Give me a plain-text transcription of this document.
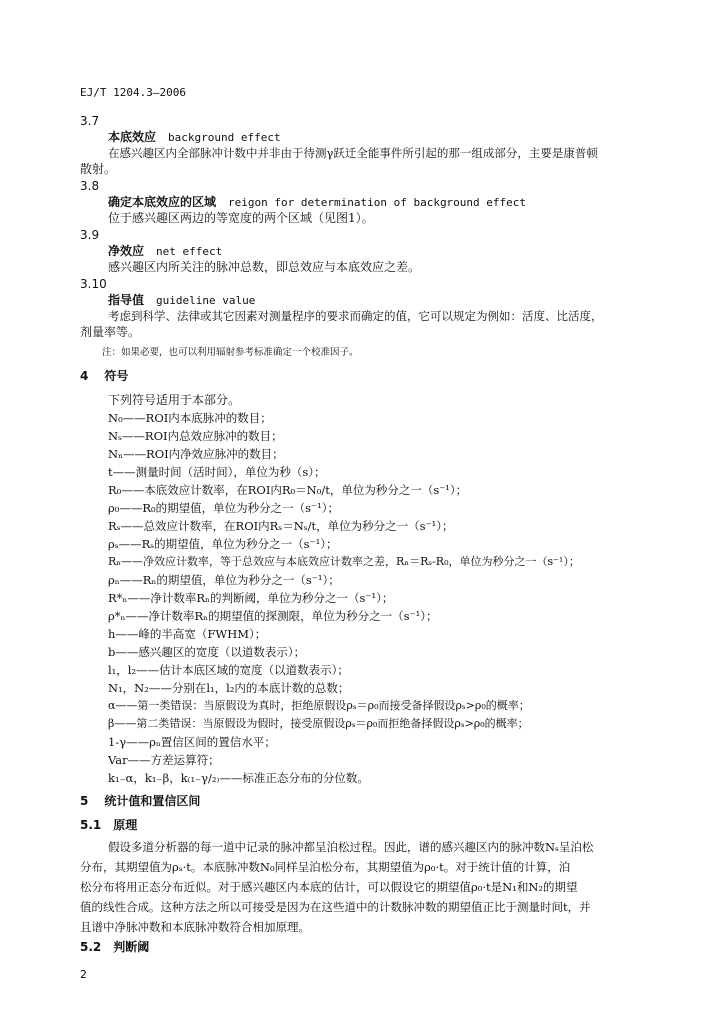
EJ/T 1204.3—2006
3.7
本底效应 background effect
在感兴趣区内全部脉冲计数中并非由于待测γ跃迁全能事件所引起的那一组成部分，主要是康普顿
散射。
3.8
确定本底效应的区域 reigon for determination of background effect
位于感兴趣区两边的等宽度的两个区域（见图1）。
3.9
净效应 net effect
感兴趣区内所关注的脉冲总数，即总效应与本底效应之差。
3.10
指导值 guideline value
考虑到科学、法律或其它因素对测量程序的要求而确定的值，它可以规定为例如：活度、比活度，
剂量率等。
注：如果必要，也可以利用辐射参考标准确定一个校准因子。
4 符号
下列符号适用于本部分。
N₀——ROI内本底脉冲的数目；
Nₛ——ROI内总效应脉冲的数目；
Nₙ——ROI内净效应脉冲的数目；
t——测量时间（活时间），单位为秒（s）；
R₀——本底效应计数率，在ROI内R₀＝N₀/t，单位为秒分之一（s⁻¹）；
ρ₀——R₀的期望值，单位为秒分之一（s⁻¹）；
Rₛ——总效应计数率，在ROI内Rₛ＝Nₛ/t，单位为秒分之一（s⁻¹）；
ρₛ——Rₛ的期望值，单位为秒分之一（s⁻¹）；
Rₙ——净效应计数率，等于总效应与本底效应计数率之差，Rₙ＝Rₛ-R₀，单位为秒分之一（s⁻¹）；
ρₙ——Rₙ的期望值，单位为秒分之一（s⁻¹）；
R*ₙ——净计数率Rₙ的判断阈，单位为秒分之一（s⁻¹）；
ρ*ₙ——净计数率Rₙ的期望值的探测限，单位为秒分之一（s⁻¹）；
h——峰的半高宽（FWHM）；
b——感兴趣区的宽度（以道数表示）；
l₁，l₂——估计本底区域的宽度（以道数表示）；
N₁，N₂——分别在l₁，l₂内的本底计数的总数；
α——第一类错误：当原假设为真时，拒绝原假设ρₛ＝ρ₀而接受备择假设ρₛ>ρ₀的概率；
β——第二类错误：当原假设为假时，接受原假设ρₛ＝ρ₀而拒绝备择假设ρₛ>ρ₀的概率；
1-γ——ρₙ置信区间的置信水平；
Var——方差运算符；
k₁₋α，k₁₋β，k₍₁₋γ/₂₎——标准正态分布的分位数。
5 统计值和置信区间
5.1 原理
假设多道分析器的每一道中记录的脉冲都呈泊松过程。因此，谱的感兴趣区内的脉冲数Nₛ呈泊松
分布，其期望值为ρₛ·t。本底脉冲数N₀同样呈泊松分布，其期望值为ρ₀·t。对于统计值的计算，泊
松分布将用正态分布近似。对于感兴趣区内本底的估计，可以假设它的期望值ρ₀·t是N₁和N₂的期望
值的线性合成。这种方法之所以可接受是因为在这些道中的计数脉冲数的期望值正比于测量时间t，并
且谱中净脉冲数和本底脉冲数符合相加原理。
5.2 判断阈
2
